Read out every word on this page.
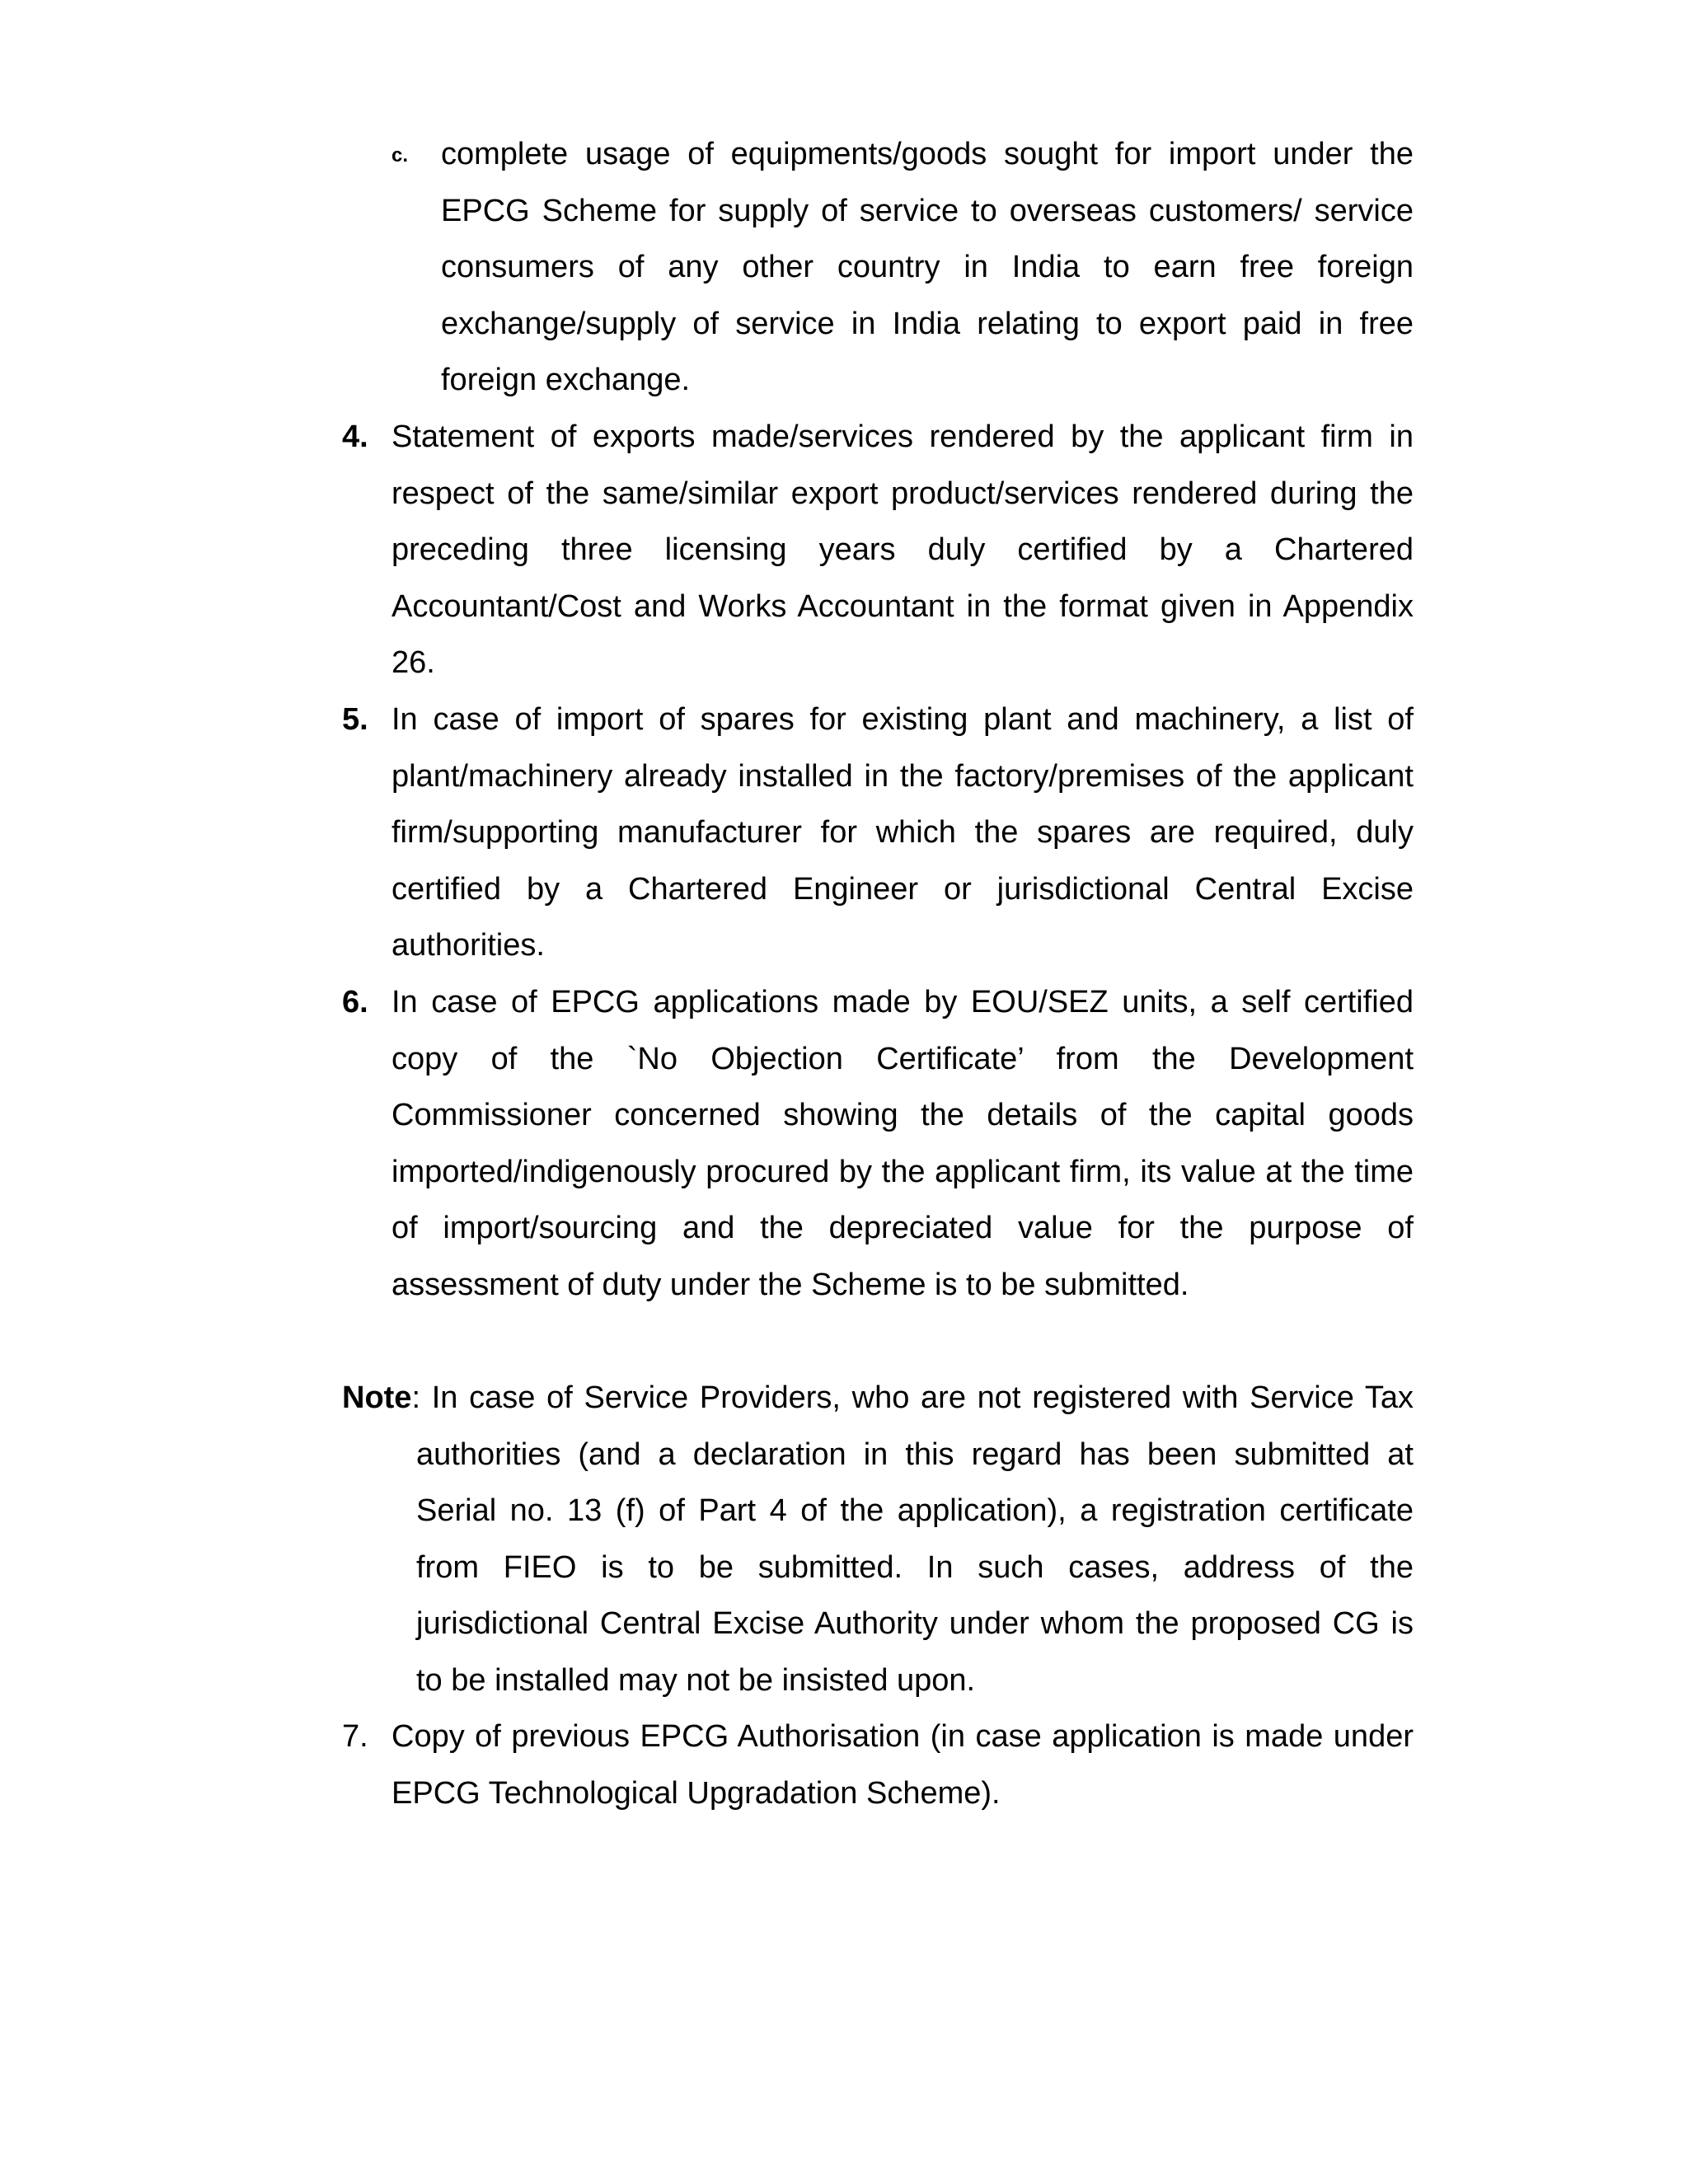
c. complete usage of equipments/goods sought for import under the EPCG Scheme for supply of service to overseas customers/ service consumers of any other country in India to earn free foreign exchange/supply of service in India relating to export paid in free foreign exchange.

4. Statement of exports made/services rendered by the applicant firm in respect of the same/similar export product/services rendered during the preceding three licensing years duly certified by a Chartered Accountant/Cost and Works Accountant in the format given in Appendix 26.

5. In case of import of spares for existing plant and machinery, a list of plant/machinery already installed in the factory/premises of the applicant firm/supporting manufacturer for which the spares are required, duly certified by a Chartered Engineer or jurisdictional Central Excise authorities.

6. In case of EPCG applications made by EOU/SEZ units, a self certified copy of the `No Objection Certificate’ from the Development Commissioner concerned showing the details of the capital goods imported/indigenously procured by the applicant firm, its value at the time of import/sourcing and the depreciated value for the purpose of assessment of duty under the Scheme is to be submitted.

Note: In case of Service Providers, who are not registered with Service Tax authorities (and a declaration in this regard has been submitted at Serial no. 13 (f) of Part 4 of the application), a registration certificate from FIEO is to be submitted. In such cases, address of the jurisdictional Central Excise Authority under whom the proposed CG is to be installed may not be insisted upon.

7. Copy of previous EPCG Authorisation (in case application is made under EPCG Technological Upgradation Scheme).
